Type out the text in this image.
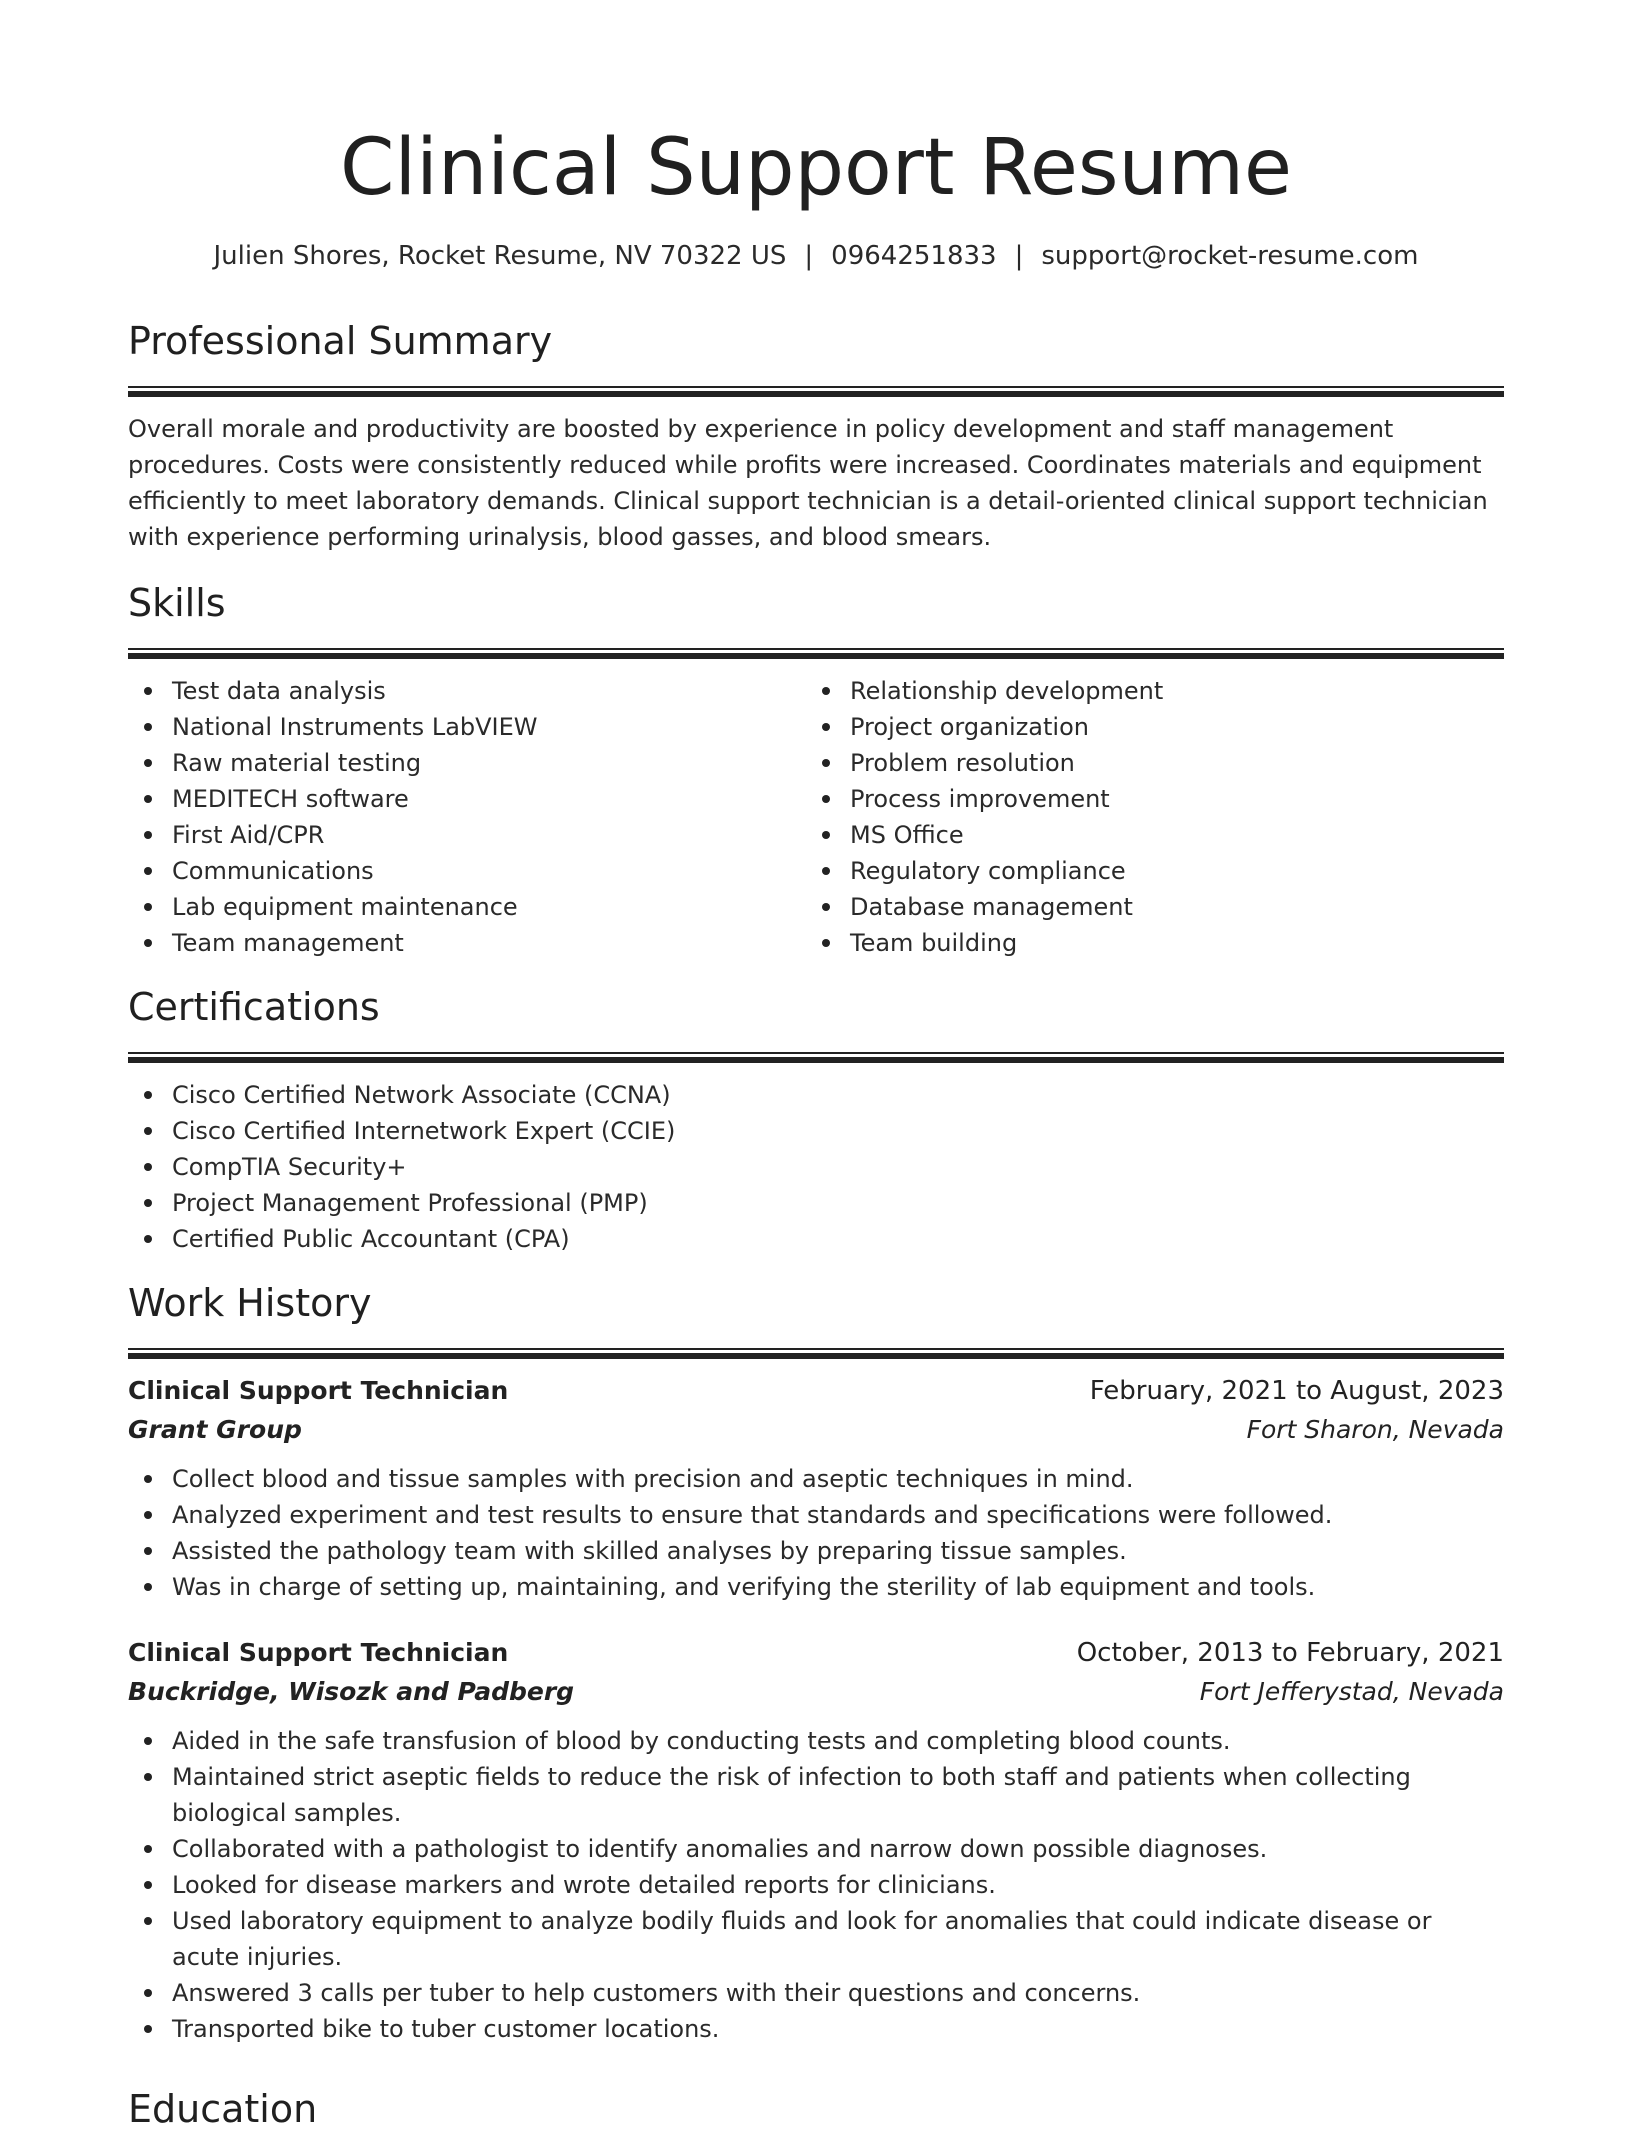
Clinical Support Resume
Julien Shores, Rocket Resume, NV 70322 US | 0964251833 | support@rocket-resume.com
Professional Summary

Overall morale and productivity are boosted by experience in policy development and staff management procedures. Costs were consistently reduced while profits were increased. Coordinates materials and equipment efficiently to meet laboratory demands. Clinical support technician is a detail-oriented clinical support technician with experience performing urinalysis, blood gasses, and blood smears.

Skills
Test data analysis
National Instruments LabVIEW
Raw material testing
MEDITECH software
First Aid/CPR
Communications
Lab equipment maintenance
Team management
Relationship development
Project organization
Problem resolution
Process improvement
MS Office
Regulatory compliance
Database management
Team building
Certifications
Cisco Certified Network Associate (CCNA)
Cisco Certified Internetwork Expert (CCIE)
CompTIA Security+
Project Management Professional (PMP)
Certified Public Accountant (CPA)
Work History
Clinical Support Technician	February, 2021 to August, 2023
Grant Group	Fort Sharon, Nevada
Collect blood and tissue samples with precision and aseptic techniques in mind.
Analyzed experiment and test results to ensure that standards and specifications were followed.
Assisted the pathology team with skilled analyses by preparing tissue samples.
Was in charge of setting up, maintaining, and verifying the sterility of lab equipment and tools.
Clinical Support Technician	October, 2013 to February, 2021
Buckridge, Wisozk and Padberg	Fort Jefferystad, Nevada
Aided in the safe transfusion of blood by conducting tests and completing blood counts.
Maintained strict aseptic fields to reduce the risk of infection to both staff and patients when collecting biological samples.
Collaborated with a pathologist to identify anomalies and narrow down possible diagnoses.
Looked for disease markers and wrote detailed reports for clinicians.
Used laboratory equipment to analyze bodily fluids and look for anomalies that could indicate disease or acute injuries.
Answered 3 calls per tuber to help customers with their questions and concerns.
Transported bike to tuber customer locations.
Education
